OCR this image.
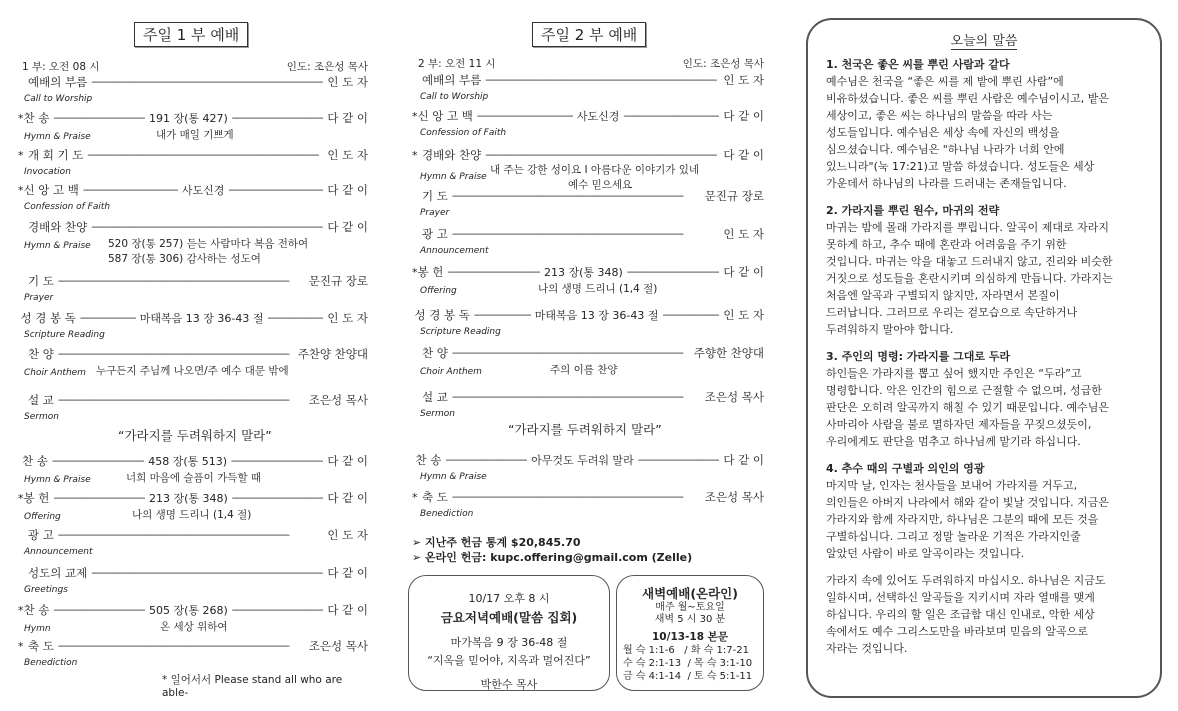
주일 1 부 예배
1 부: 오전 08 시	인도: 조은성 목사
예배의 부름 - - -	인 도 자
Call to Worship
* 찬 송 - - -	191 장(통 427) - - -	다 같 이
Hymn & Praise	내가 매일 기쁘게
* 개 회 기 도 - - -	인 도 자
Invocation
* 신 앙 고 백 - - -	사도신경 - - -	다 같 이
Confession of Faith
경배와 찬양 - - -	다 같 이
Hymn & Praise 520 장(통 257) 듣는 사람마다 복음 전하여
587 장(통 306) 감사하는 성도여
기 도 - - -	문진규 장로
Prayer
성 경 봉 독 - - -	마태복음 13 장 36-43 절 - - -	인 도 자
Scripture Reading
찬 양 - - -	주찬양 찬양대
Choir Anthem 누구든지 주님께 나오면/주 예수 대문 밖에
설 교 - - -	조은성 목사
Sermon
찬 송 - - -	458 장(통 513) - - -	다 같 이
Hymn & Praise	너희 마음에 슬픔이 가득할 때
* 봉 헌 - - -	213 장(통 348) - - -	다 같 이
Offering	나의 생명 드리니 (1,4 절)
광 고 - - -	인 도 자
Announcement
성도의 교제 - - -	다 같 이
Greetings
* 찬 송 - - -	505 장(통 268) - - -	다 같 이
Hymn	온 세상 위하여
* 축 도 - - -	조은성 목사
Benediction
“가라지를 두려워하지 말라”
* 일어서서 Please stand all who are able-
주일 2 부 예배
2 부: 오전 11 시	인도: 조은성 목사
예배의 부름 - - -	인 도 자
Call to Worship
* 신 앙 고 백 - - -	사도신경 - - -	다 같 이
Confession of Faith
* 경배와 찬양 - - -	다 같 이
Hymn & Praise
내 주는 강한 성이요 I 아름다운 이야기가 있네
예수 믿으세요
기 도 - - -	문진규 장로
Prayer
광 고 - - -	인 도 자
Announcement
* 봉 헌 - - -	213 장(통 348) - - -	다 같 이
Offering	나의 생명 드리니 (1,4 절)
성 경 봉 독 - - -	마태복음 13 장 36-43 절 - - -	인 도 자
Scripture Reading
찬 양 - - -	주향한 찬양대
Choir Anthem	주의 이름 찬양
설 교 - - -	조은성 목사
Sermon
찬 송 - - -	아무것도 두려워 말라 - - -	다 같 이
Hymn & Praise
* 축 도 - - -	조은성 목사
Benediction
“가라지를 두려워하지 말라”
➢ 지난주 헌금 통계 $20,845.70
➢ 온라인 헌금: kupc.offering@gmail.com (Zelle)
10/17 오후 8 시
금요저녁예배(말씀 집회)
마가복음 9 장 36-48 절
“지옥을 믿어야, 지옥과 멀어진다”
박한수 목사
새벽예배(온라인)
매주 월~토요일
새벽 5 시 30 분
10/13-18 본문
월 슥 1:1-6   / 화 슥 1:7-21
수 슥 2:1-13  / 목 슥 3:1-10
금 슥 4:1-14  / 토 슥 5:1-11
오늘의 말씀
1. 천국은 좋은 씨를 뿌린 사람과 같다
예수님은 천국을 “좋은 씨를 제 밭에 뿌린 사람”에
비유하셨습니다. 좋은 씨를 뿌린 사람은 예수님이시고, 밭은
세상이고, 좋은 씨는 하나님의 말씀을 따라 사는
성도들입니다. 예수님은 세상 속에 자신의 백성을
심으셨습니다. 예수님은 "하나님 나라가 너희 안에
있느니라"(눅 17:21)고 말씀 하셨습니다. 성도들은 세상
가운데서 하나님의 나라를 드러내는 존재들입니다.
2. 가라지를 뿌린 원수, 마귀의 전략
마귀는 밤에 몰래 가라지를 뿌립니다. 알곡이 제대로 자라지
못하게 하고, 추수 때에 혼란과 어려움을 주기 위한
것입니다. 마귀는 악을 대놓고 드러내지 않고, 진리와 비슷한
거짓으로 성도들을 혼란시키며 의심하게 만듭니다. 가라지는
처음엔 알곡과 구별되지 않지만, 자라면서 본질이
드러납니다. 그러므로 우리는 겉모습으로 속단하거나
두려워하지 말아야 합니다.
3. 주인의 명령: 가라지를 그대로 두라
하인들은 가라지를 뽑고 싶어 했지만 주인은 “두라”고
명령합니다. 악은 인간의 힘으로 근절할 수 없으며, 성급한
판단은 오히려 알곡까지 해칠 수 있기 때문입니다. 예수님은
사마리아 사람을 불로 멸하자던 제자들을 꾸짖으셨듯이,
우리에게도 판단을 멈추고 하나님께 맡기라 하십니다.
4. 추수 때의 구별과 의인의 영광
마지막 날, 인자는 천사들을 보내어 가라지를 거두고,
의인들은 아버지 나라에서 해와 같이 빛날 것입니다. 지금은
가라지와 함께 자라지만, 하나님은 그분의 때에 모든 것을
구별하십니다. 그리고 정말 놀라운 기적은 가라지인줄
알았던 사람이 바로 알곡이라는 것입니다.
가라지 속에 있어도 두려워하지 마십시오. 하나님은 지금도
일하시며, 선택하신 알곡들을 지키시며 자라 열매를 맺게
하십니다. 우리의 할 일은 조급함 대신 인내로, 악한 세상
속에서도 예수 그리스도만을 바라보며 믿음의 알곡으로
자라는 것입니다.
